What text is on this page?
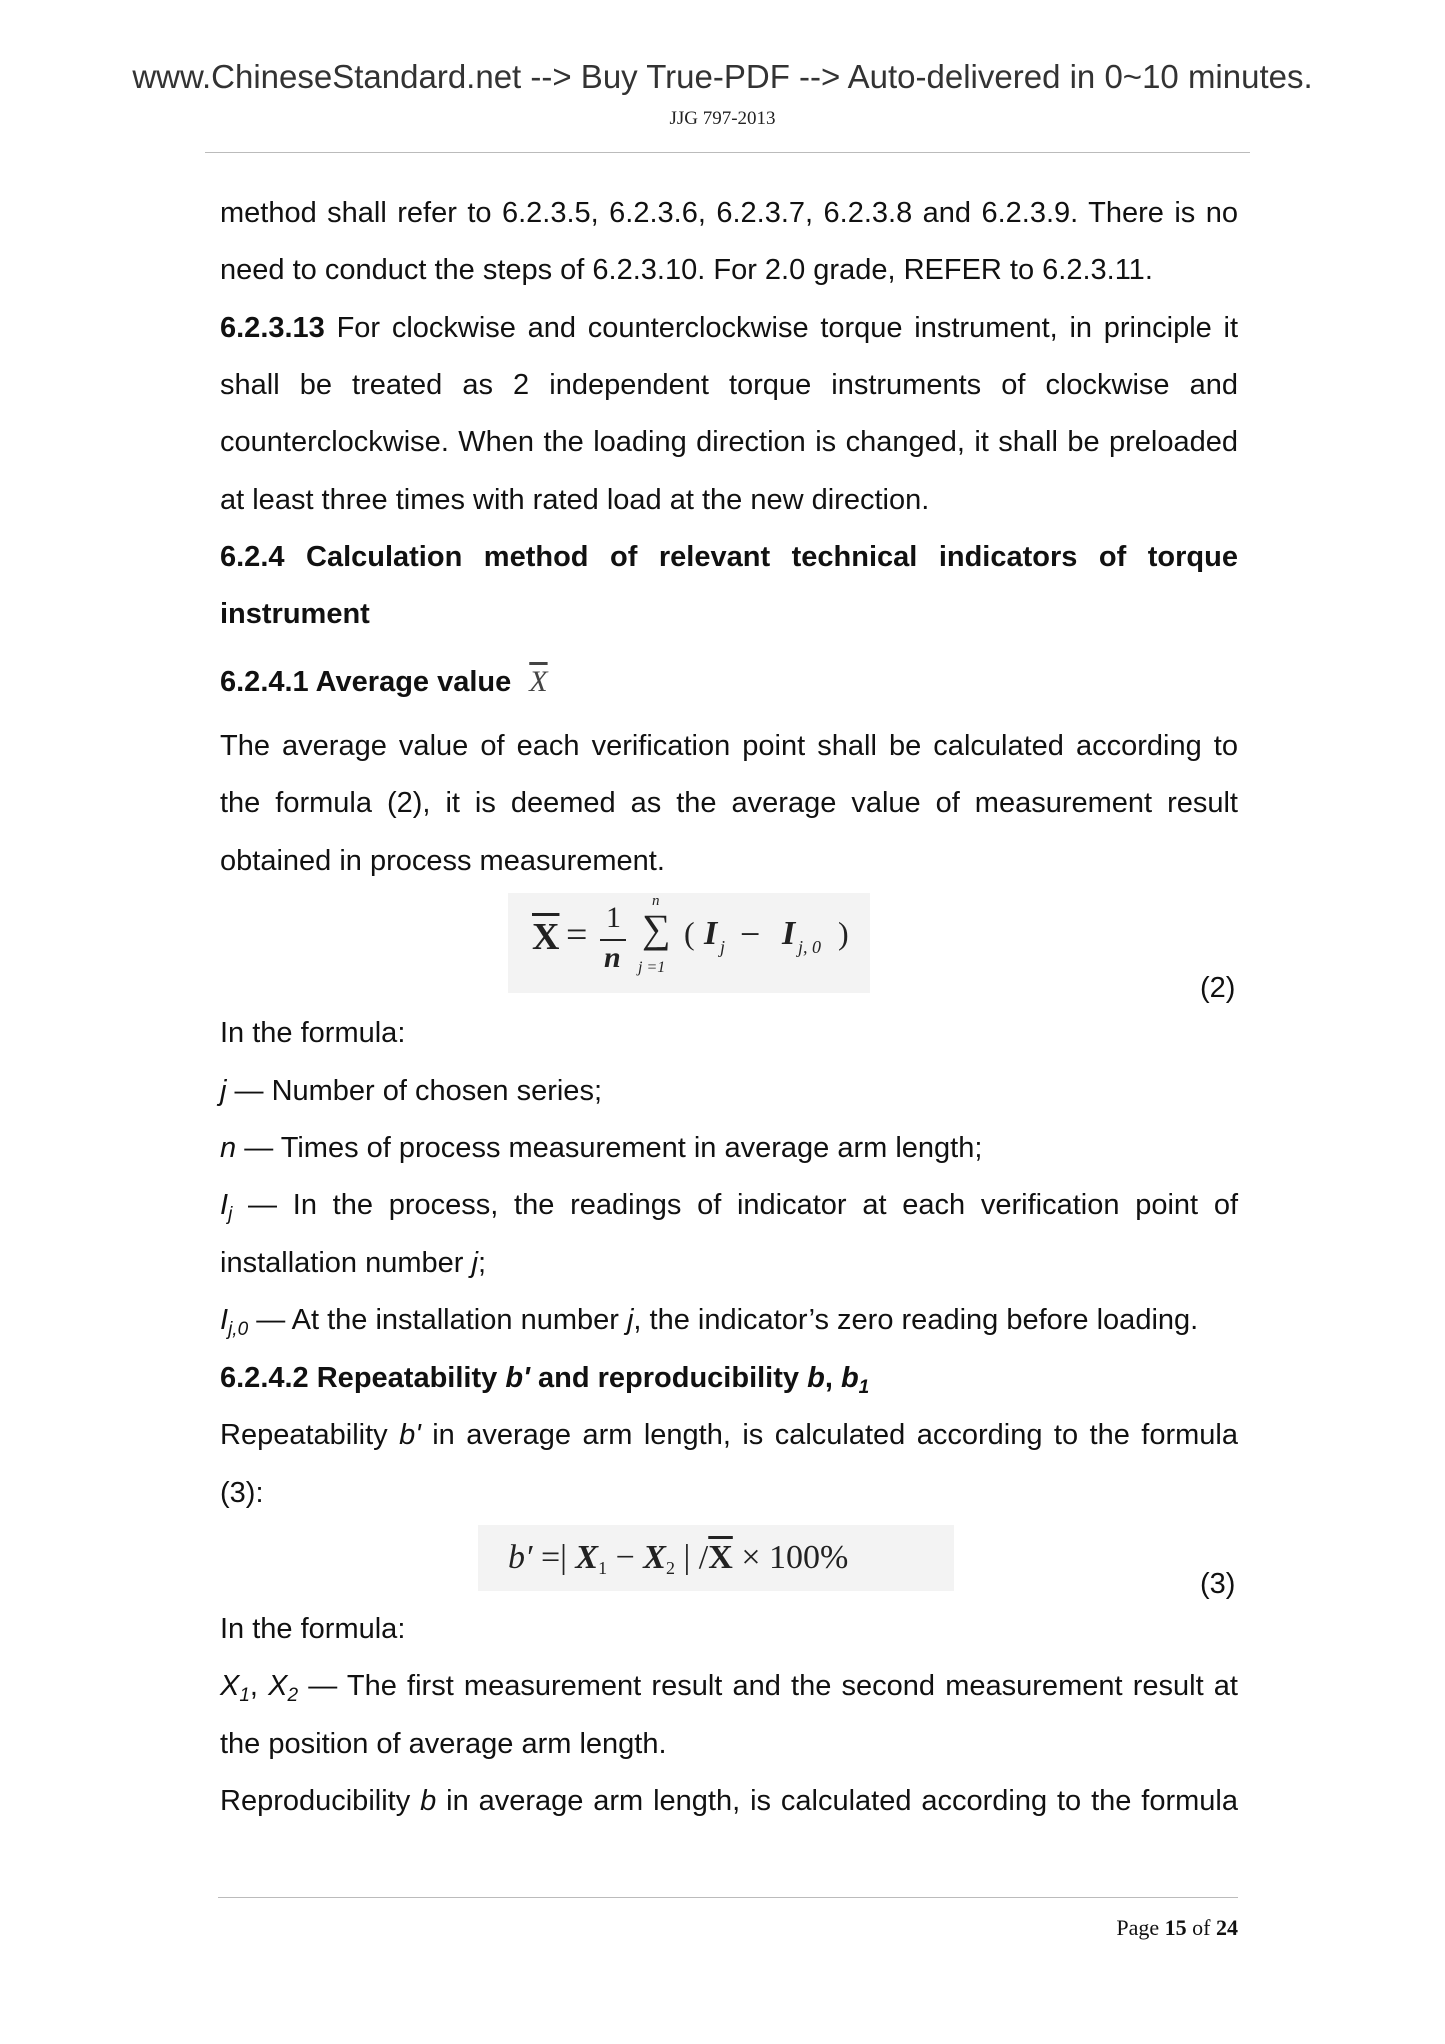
www.ChineseStandard.net --> Buy True-PDF --> Auto-delivered in 0~10 minutes.
JJG 797-2013
method shall refer to 6.2.3.5, 6.2.3.6, 6.2.3.7, 6.2.3.8 and 6.2.3.9. There is no
need to conduct the steps of 6.2.3.10. For 2.0 grade, REFER to 6.2.3.11.
6.2.3.13 For clockwise and counterclockwise torque instrument, in principle it
shall be treated as 2 independent torque instruments of clockwise and
counterclockwise. When the loading direction is changed, it shall be preloaded
at least three times with rated load at the new direction.
6.2.4 Calculation method of relevant technical indicators of torque
instrument
6.2.4.1 Average value $\overline{X}$
The average value of each verification point shall be calculated according to
the formula (2), it is deemed as the average value of measurement result
obtained in process measurement.
$\overline{X} = 1$
n
n
∑
j =1
( I j − I j, 0 )
(2)
In the formula:
j — Number of chosen series;
n — Times of process measurement in average arm length;
$I_j$ — In the process, the readings of indicator at each verification point of
installation number j;
$I_{j,0}$ — At the installation number j, the indicator’s zero reading before loading.
6.2.4.2 Repeatability b' and reproducibility b, $b_1$
Repeatability b' in average arm length, is calculated according to the formula
(3):
b′ =| X1 − X2 | $/\overline{X} \times 100\%$
(3)
In the formula:
$X_1$, $X_2$ — The first measurement result and the second measurement result at
the position of average arm length.
Reproducibility b in average arm length, is calculated according to the formula
Page 15 of 24
